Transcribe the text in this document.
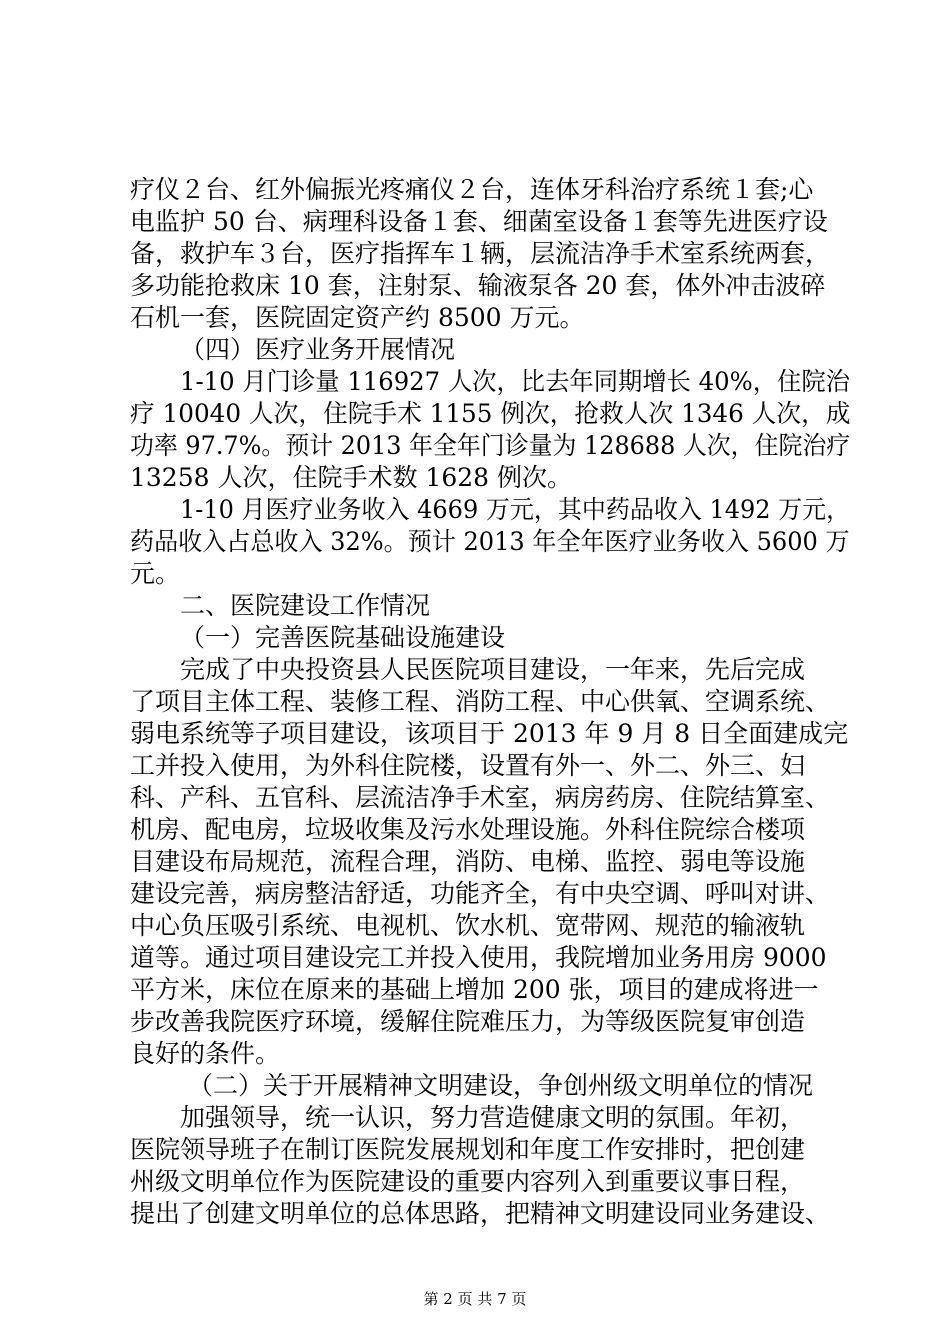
疗仪２台、红外偏振光疼痛仪２台，连体牙科治疗系统１套;心
电监护 50 台、病理科设备１套、细菌室设备１套等先进医疗设
备，救护车３台，医疗指挥车１辆，层流洁净手术室系统两套，
多功能抢救床 10 套，注射泵、输液泵各 20 套，体外冲击波碎
石机一套，医院固定资产约 8500 万元。
（四）医疗业务开展情况
1-10 月门诊量 116927 人次，比去年同期增长 40%，住院治
疗 10040 人次，住院手术 1155 例次，抢救人次 1346 人次，成
功率 97.7%。预计 2013 年全年门诊量为 128688 人次，住院治疗
13258 人次，住院手术数 1628 例次。
1-10 月医疗业务收入 4669 万元，其中药品收入 1492 万元，
药品收入占总收入 32%。预计 2013 年全年医疗业务收入 5600 万
元。
二、医院建设工作情况
（一）完善医院基础设施建设
完成了中央投资县人民医院项目建设，一年来，先后完成
了项目主体工程、装修工程、消防工程、中心供氧、空调系统、
弱电系统等子项目建设，该项目于 2013 年 9 月 8 日全面建成完
工并投入使用，为外科住院楼，设置有外一、外二、外三、妇
科、产科、五官科、层流洁净手术室，病房药房、住院结算室、
机房、配电房，垃圾收集及污水处理设施。外科住院综合楼项
目建设布局规范，流程合理，消防、电梯、监控、弱电等设施
建设完善，病房整洁舒适，功能齐全，有中央空调、呼叫对讲、
中心负压吸引系统、电视机、饮水机、宽带网、规范的输液轨
道等。通过项目建设完工并投入使用，我院增加业务用房 9000
平方米，床位在原来的基础上增加 200 张，项目的建成将进一
步改善我院医疗环境，缓解住院难压力，为等级医院复审创造
良好的条件。
（二）关于开展精神文明建设，争创州级文明单位的情况
加强领导，统一认识，努力营造健康文明的氛围。年初，
医院领导班子在制订医院发展规划和年度工作安排时，把创建
州级文明单位作为医院建设的重要内容列入到重要议事日程，
提出了创建文明单位的总体思路，把精神文明建设同业务建设、
第 2 页 共 7 页
